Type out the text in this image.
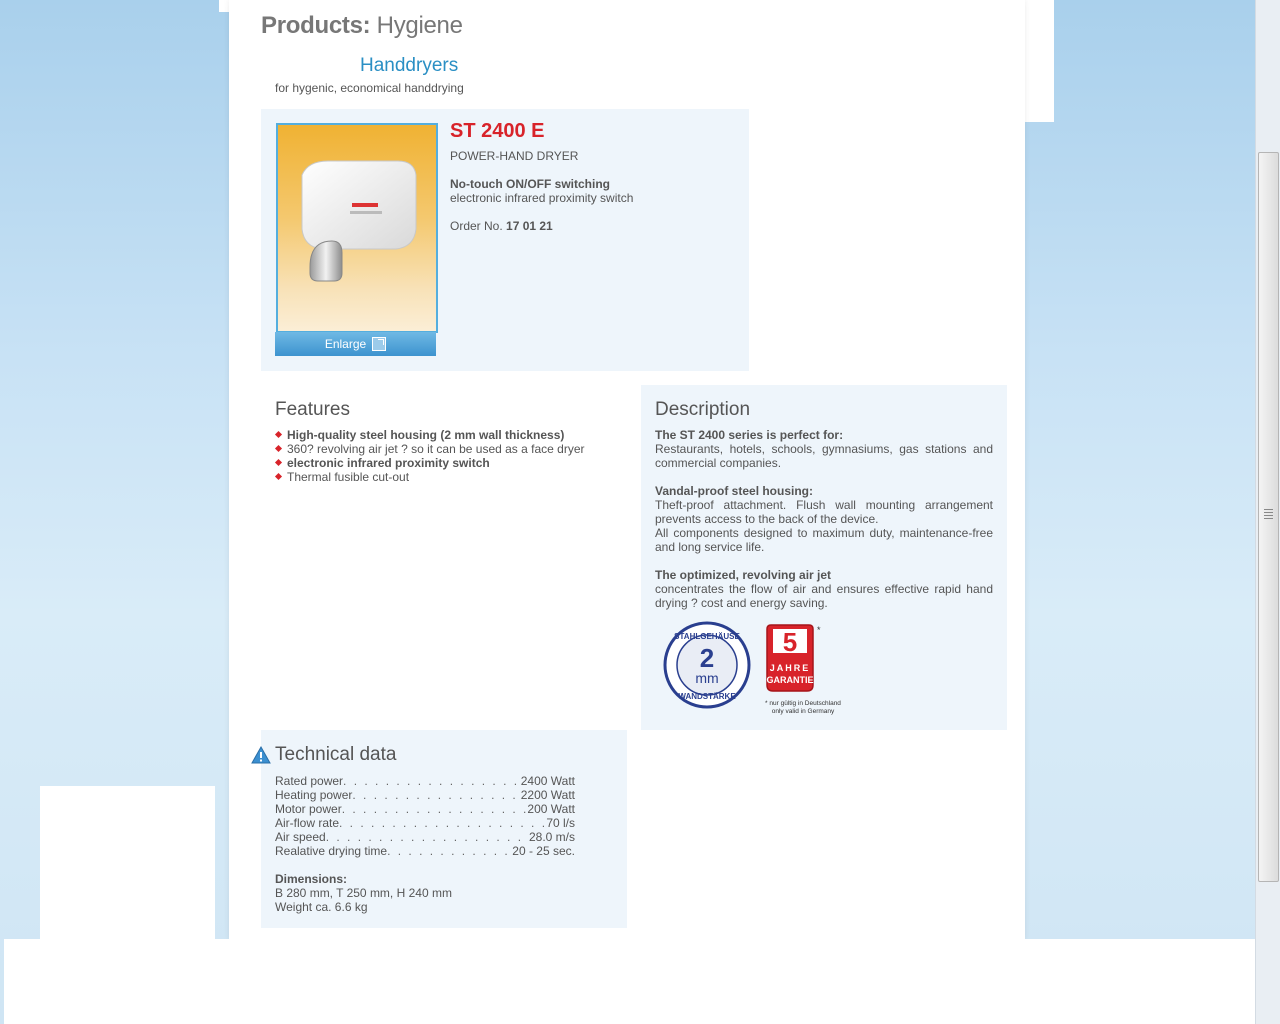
Products: Hygiene
Handdryers
for hygenic, economical handdrying
Enlarge
ST 2400 E
POWER-HAND DRYER
No-touch ON/OFF switching
electronic infrared proximity switch
Order No. 17 01 21
Features
High-quality steel housing (2 mm wall thickness)
360? revolving air jet ? so it can be used as a face dryer
electronic infrared proximity switch
Thermal fusible cut-out
Description

The ST 2400 series is perfect for:
Restaurants, hotels, schools, gymnasiums, gas stations and commercial companies.

Vandal-proof steel housing:
Theft-proof attachment. Flush wall mounting arrangement prevents access to the back of the device.
All components designed to maximum duty, maintenance-free and long service life.

The optimized, revolving air jet
concentrates the flow of air and ensures effective rapid hand drying ? cost and energy saving.

STAHLGEHÄUSE
WANDSTÄRKE
2
mm
5 *
JAHRE
GARANTIE
* nur gültig in Deutschland
only valid in Germany
Technical data
Rated power . . .	2400 Watt
Heating power . . .	2200 Watt
Motor power . . .	200 Watt
Air-flow rate . . .	70 l/s
Air speed . . .	28.0 m/s
Realative drying time . . .	20 - 25 sec.
Dimensions:
B 280 mm, T 250 mm, H 240 mm
Weight ca. 6.6 kg
